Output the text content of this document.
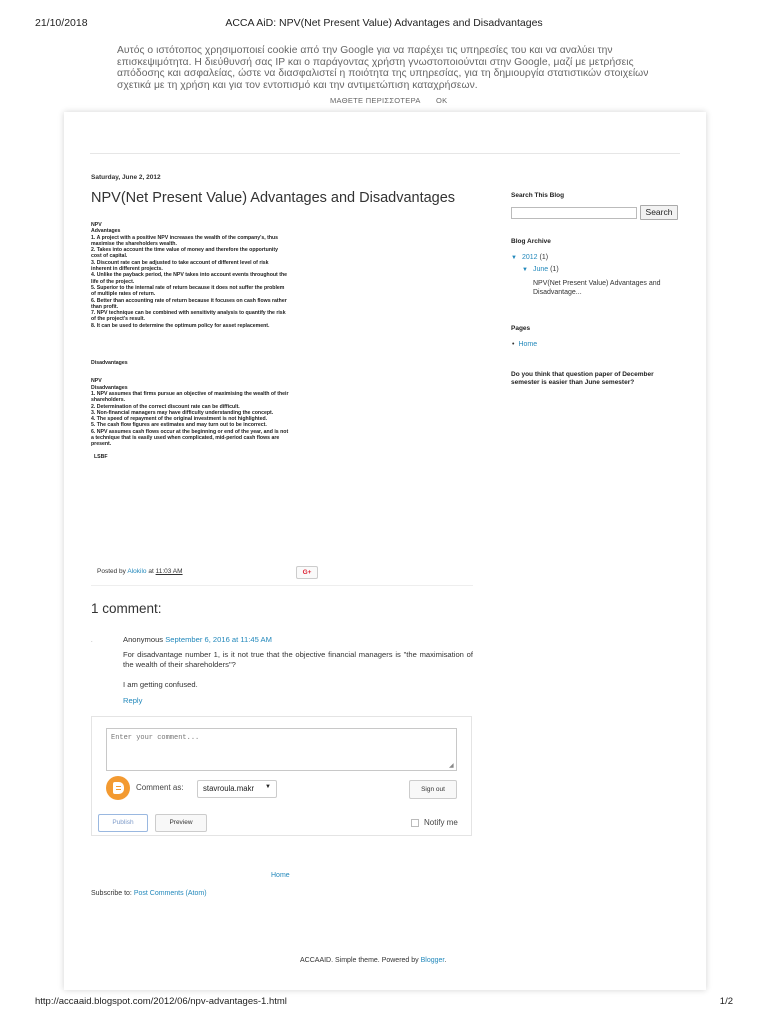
21/10/2018	ACCA AiD: NPV(Net Present Value) Advantages and Disadvantages
Αυτός ο ιστότοπος χρησιμοποιεί cookie από την Google για να παρέχει τις υπηρεσίες του και να αναλύει την επισκεψιμότητα. Η διεύθυνσή σας IP και ο παράγοντας χρήστη γνωστοποιούνται στην Google, μαζί με μετρήσεις απόδοσης και ασφαλείας, ώστε να διασφαλιστεί η ποιότητα της υπηρεσίας, για τη δημιουργία στατιστικών στοιχείων σχετικά με τη χρήση και για τον εντοπισμό και την αντιμετώπιση καταχρήσεων.
ΜΑΘΕΤΕ ΠΕΡΙΣΣΟΤΕΡΑ OK
Saturday, June 2, 2012
NPV(Net Present Value) Advantages and Disadvantages
NPV
Advantages
1. A project with a positive NPV increases the wealth of the company's, thus
maximise the shareholders wealth.
2. Takes into account the time value of money and therefore the opportunity
cost of capital.
3. Discount rate can be adjusted to take account of different level of risk
inherent in different projects.
4. Unlike the payback period, the NPV takes into account events throughout the
life of the project.
5. Superior to the internal rate of return because it does not suffer the problem
of multiple rates of return.
6. Better than accounting rate of return because it focuses on cash flows rather
than profit.
7. NPV technique can be combined with sensitivity analysis to quantify the risk
of the project's result.
8. It can be used to determine the optimum policy for asset replacement.
Disadvantages
NPV
Disadvantages
1. NPV assumes that firms pursue an objective of maximising the wealth of their
shareholders.
2. Determination of the correct discount rate can be difficult.
3. Non-financial managers may have difficulty understanding the concept.
4. The speed of repayment of the original investment is not highlighted.
5. The cash flow figures are estimates and may turn out to be incorrect.
6. NPV assumes cash flows occur at the beginning or end of the year, and is not
a technique that is easily used when complicated, mid-period cash flows are
present.
LSBF
Posted by Alokilo at 11:03 AM	G+
1 comment:
.	Anonymous September 6, 2016 at 11:45 AM
For disadvantage number 1, is it not true that the objective financial managers is "the maximisation of the wealth of their shareholders"?
I am getting confused.
Reply
Enter your comment...
◢
Comment as:	stavroula.makr ▼	Sign out
Publish	Preview	Notify me
Home
Subscribe to: Post Comments (Atom)
ACCAAID. Simple theme. Powered by Blogger.
Search This Blog
Search
Blog Archive
▼ 2012 (1)
▼ June (1)
NPV(Net Present Value) Advantages and Disadvantage...
Pages
• Home
Do you think that question paper of December semester is easier than June semester?
http://accaaid.blogspot.com/2012/06/npv-advantages-1.html	1/2
